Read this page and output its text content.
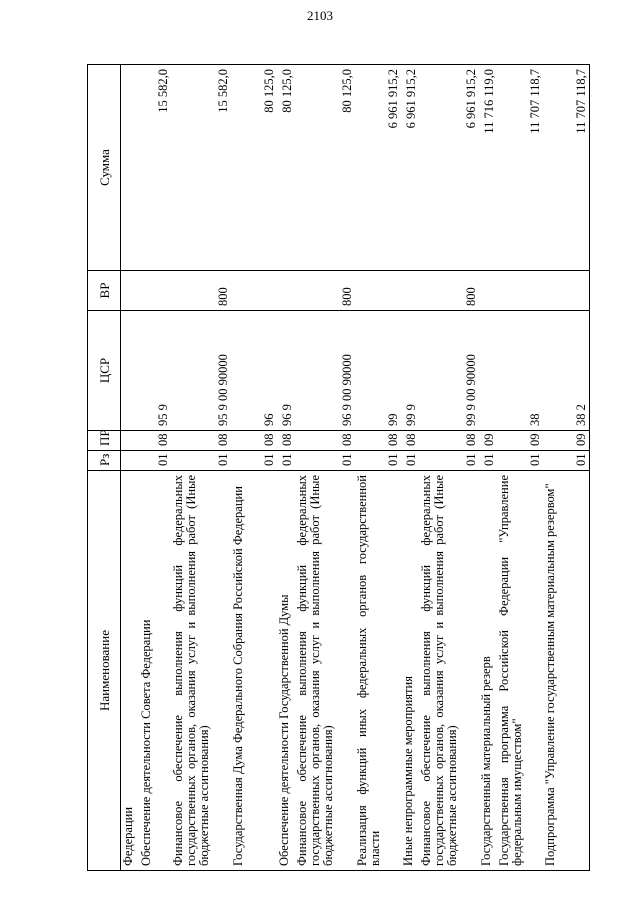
2103
Наименование	Рз	ПР	ЦСР	ВР	Сумма
Федерации					
Обеспечение деятельности Совета Федерации	01	08	95 9		15 582,0
Финансовое обеспечение выполнения функций федеральных государственных органов, оказания услуг и выполнения работ (Иные бюджетные ассигнования)	01	08	95 9 00 90000	800	15 582,0
Государственная Дума Федерального Собрания Российской Федерации	01	08	96		80 125,0
Обеспечение деятельности Государственной Думы	01	08	96 9		80 125,0
Финансовое обеспечение выполнения функций федеральных государственных органов, оказания услуг и выполнения работ (Иные бюджетные ассигнования)	01	08	96 9 00 90000	800	80 125,0
Реализация функций иных федеральных органов государственной власти	01	08	99		6 961 915,2
Иные непрограммные мероприятия	01	08	99 9		6 961 915,2
Финансовое обеспечение выполнения функций федеральных государственных органов, оказания услуг и выполнения работ (Иные бюджетные ассигнования)	01	08	99 9 00 90000	800	6 961 915,2
Государственный материальный резерв	01	09			11 716 119,0
Государственная программа Российской Федерации "Управление федеральным имуществом"	01	09	38		11 707 118,7
Подпрограмма "Управление государственным материальным резервом"	01	09	38 2		11 707 118,7
